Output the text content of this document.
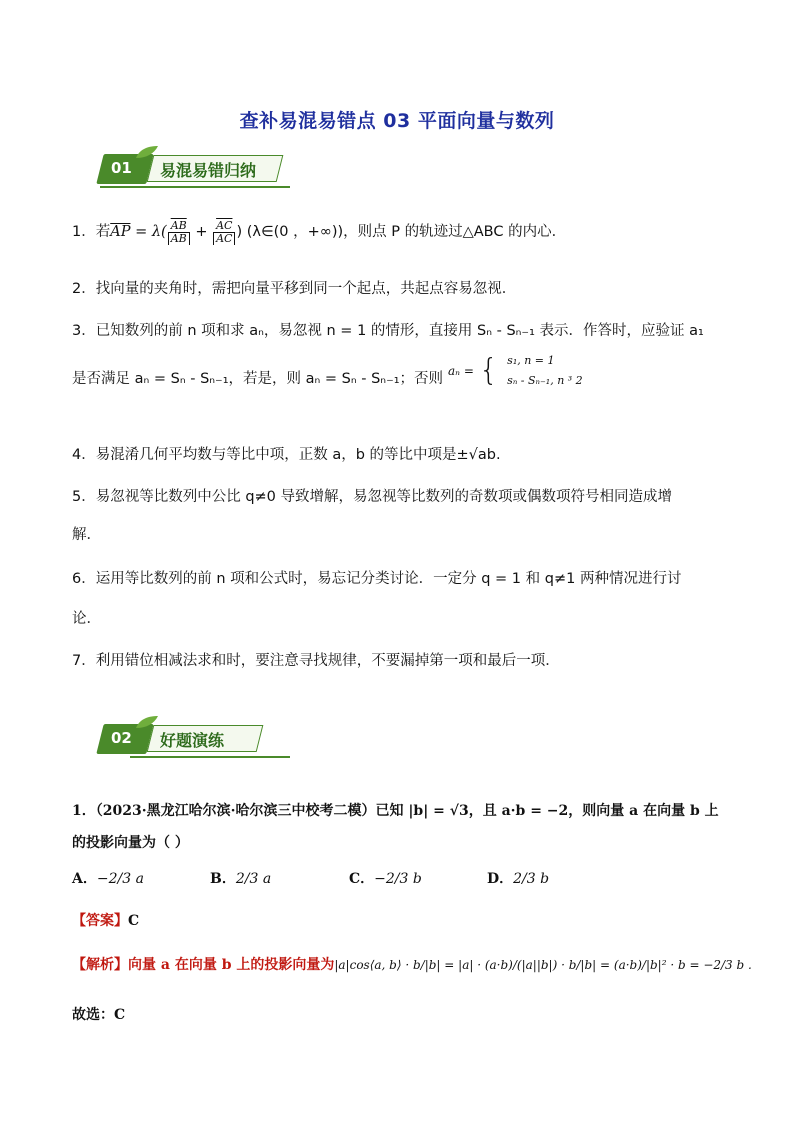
查补易混易错点 03 平面向量与数列
01 易混易错归纳
1．若$\overline{AP} = \lambda( \frac{\overline{AB}}{AB} + \frac{\overline{AC}}{AC}$ ) (λ∈(0 ，+∞))，则点 P 的轨迹过△ABC 的内心．
2．找向量的夹角时，需把向量平移到同一个起点，共起点容易忽视．
3．已知数列的前 n 项和求 aₙ，易忽视 n = 1 的情形，直接用 Sₙ - Sₙ₋₁ 表示．作答时，应验证 a₁
是否满足 aₙ = Sₙ - Sₙ₋₁，若是，则 aₙ = Sₙ - Sₙ₋₁；否则 aₙ = { s₁, n = 1
sₙ - Sₙ₋₁, n ³ 2
4．易混淆几何平均数与等比中项，正数 a，b 的等比中项是±√ab.
5．易忽视等比数列中公比 q≠0 导致增解，易忽视等比数列的奇数项或偶数项符号相同造成增
解．
6．运用等比数列的前 n 项和公式时，易忘记分类讨论．一定分 q = 1 和 q≠1 两种情况进行讨
论．
7．利用错位相减法求和时，要注意寻找规律，不要漏掉第一项和最后一项．
02 好题演练
1．（2023·黑龙江哈尔滨·哈尔滨三中校考二模）已知 |b| = √3，且 a·b = −2，则向量 a 在向量 b 上
的投影向量为（ ）
A．−2/3 a	B．2/3 a	C．−2/3 b	D．2/3 b
【答案】C
【解析】向量 a 在向量 b 上的投影向量为|a|cos⟨a, b⟩ · b/|b| = |a| · (a·b)/(|a||b|) · b/|b| = (a·b)/|b|² · b = −2/3 b .
故选：C
